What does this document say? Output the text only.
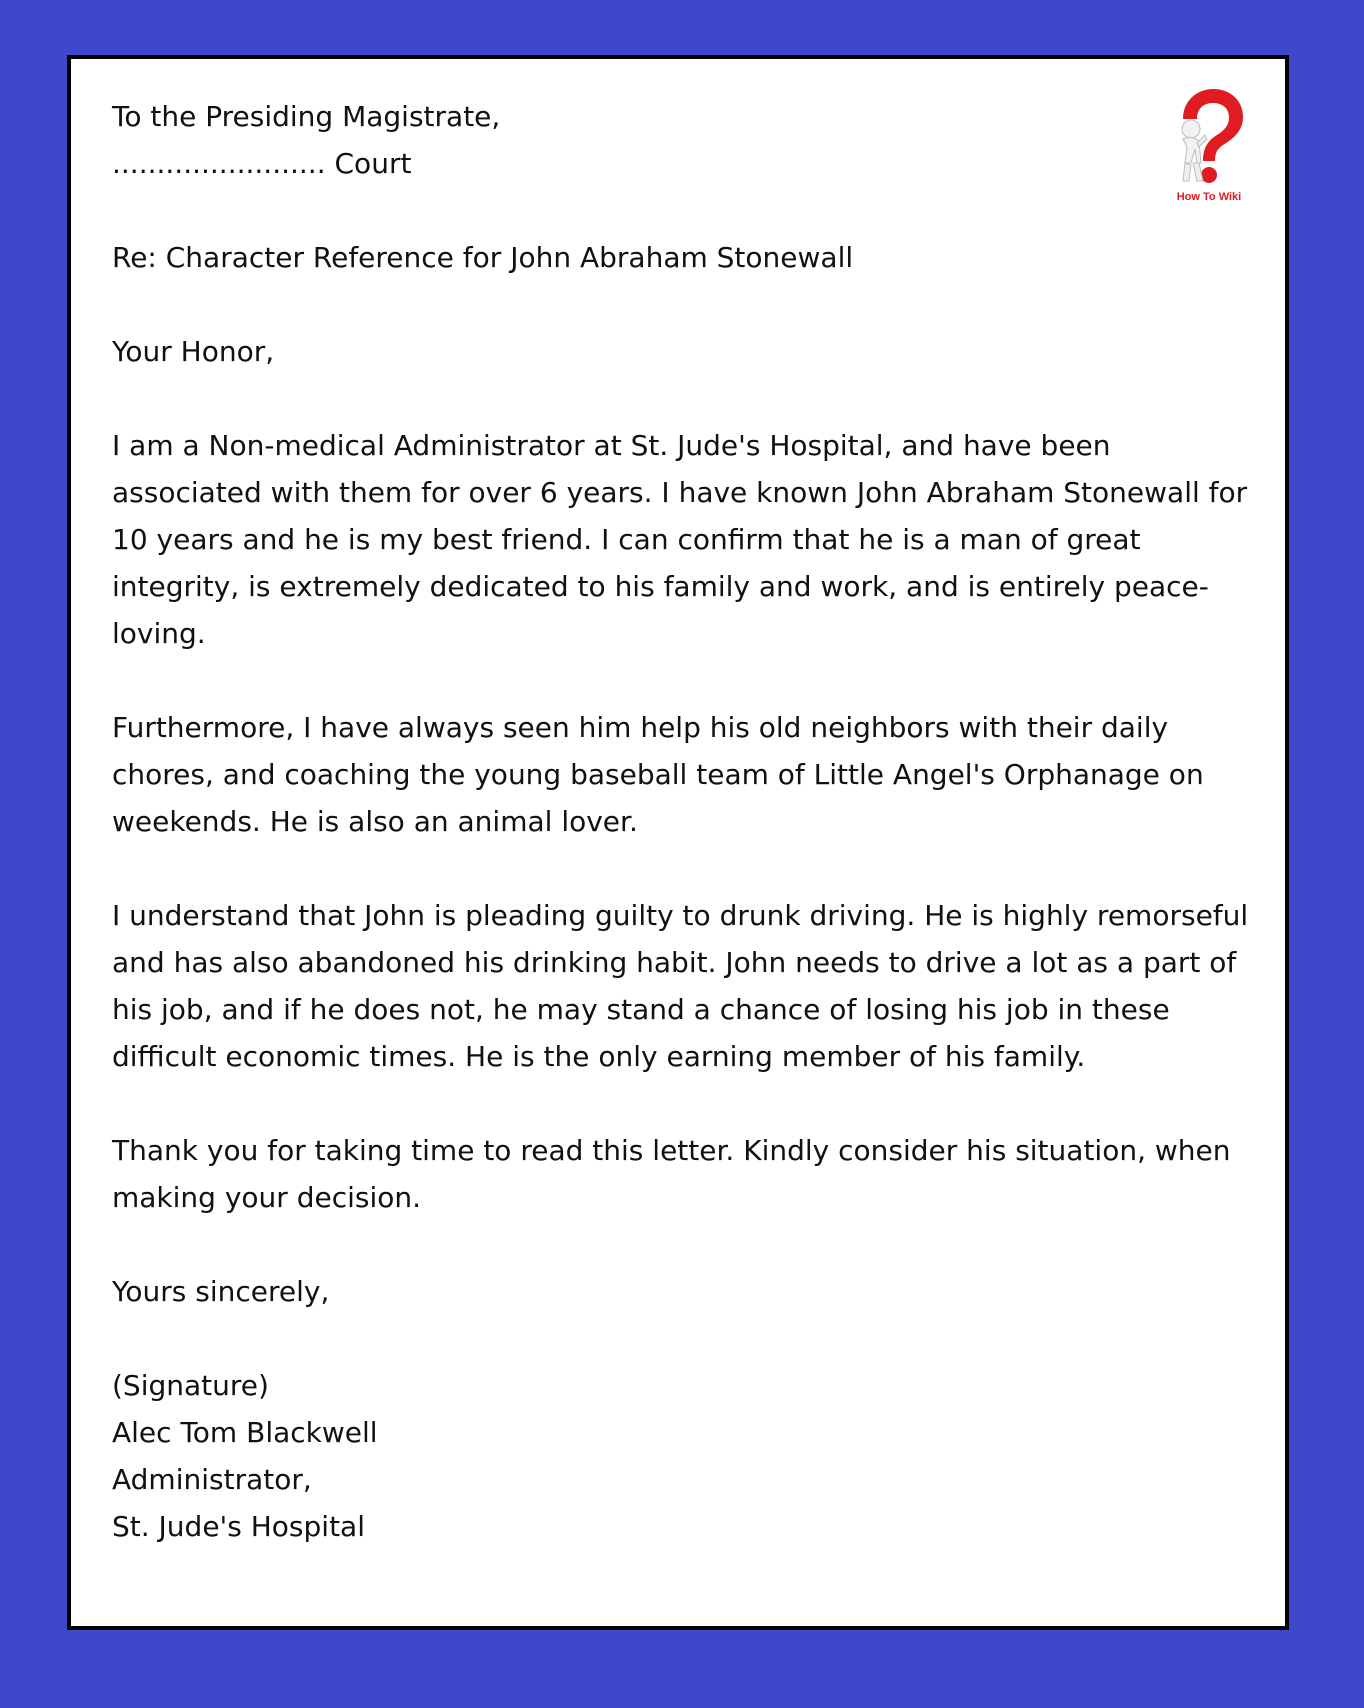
How To Wiki

To the Presiding Magistrate,
........................ Court

Re: Character Reference for John Abraham Stonewall

Your Honor,

I am a Non-medical Administrator at St. Jude's Hospital, and have been associated with them for over 6 years. I have known John Abraham Stonewall for 10 years and he is my best friend. I can confirm that he is a man of great integrity, is extremely dedicated to his family and work, and is entirely peace-loving.

Furthermore, I have always seen him help his old neighbors with their daily chores, and coaching the young baseball team of Little Angel's Orphanage on weekends. He is also an animal lover.

I understand that John is pleading guilty to drunk driving. He is highly remorseful and has also abandoned his drinking habit. John needs to drive a lot as a part of his job, and if he does not, he may stand a chance of losing his job in these difficult economic times. He is the only earning member of his family.

Thank you for taking time to read this letter. Kindly consider his situation, when making your decision.

Yours sincerely,

(Signature)
Alec Tom Blackwell
Administrator,
St. Jude's Hospital
